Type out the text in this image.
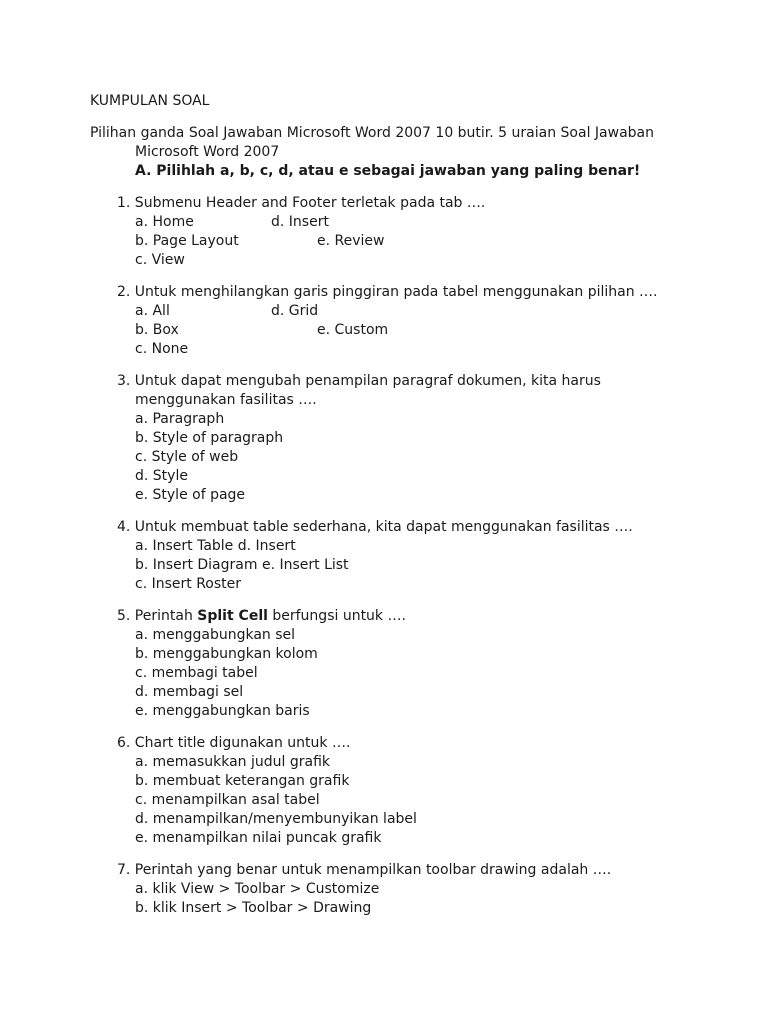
KUMPULAN SOAL
Pilihan ganda Soal Jawaban Microsoft Word 2007 10 butir. 5 uraian Soal Jawaban
Microsoft Word 2007
A. Pilihlah a, b, c, d, atau e sebagai jawaban yang paling benar!
1. Submenu Header and Footer terletak pada tab ….
a. Home	d. Insert
b. Page Layout	e. Review
c. View
2. Untuk menghilangkan garis pinggiran pada tabel menggunakan pilihan ….
a. All	d. Grid
b. Box	e. Custom
c. None
3. Untuk dapat mengubah penampilan paragraf dokumen, kita harus
menggunakan fasilitas ….
a. Paragraph
b. Style of paragraph
c. Style of web
d. Style
e. Style of page
4. Untuk membuat table sederhana, kita dapat menggunakan fasilitas ….
a. Insert Table d. Insert
b. Insert Diagram e. Insert List
c. Insert Roster
5. Perintah Split Cell berfungsi untuk ….
a. menggabungkan sel
b. menggabungkan kolom
c. membagi tabel
d. membagi sel
e. menggabungkan baris
6. Chart title digunakan untuk ….
a. memasukkan judul grafik
b. membuat keterangan grafik
c. menampilkan asal tabel
d. menampilkan/menyembunyikan label
e. menampilkan nilai puncak grafik
7. Perintah yang benar untuk menampilkan toolbar drawing adalah ….
a. klik View > Toolbar > Customize
b. klik Insert > Toolbar > Drawing
